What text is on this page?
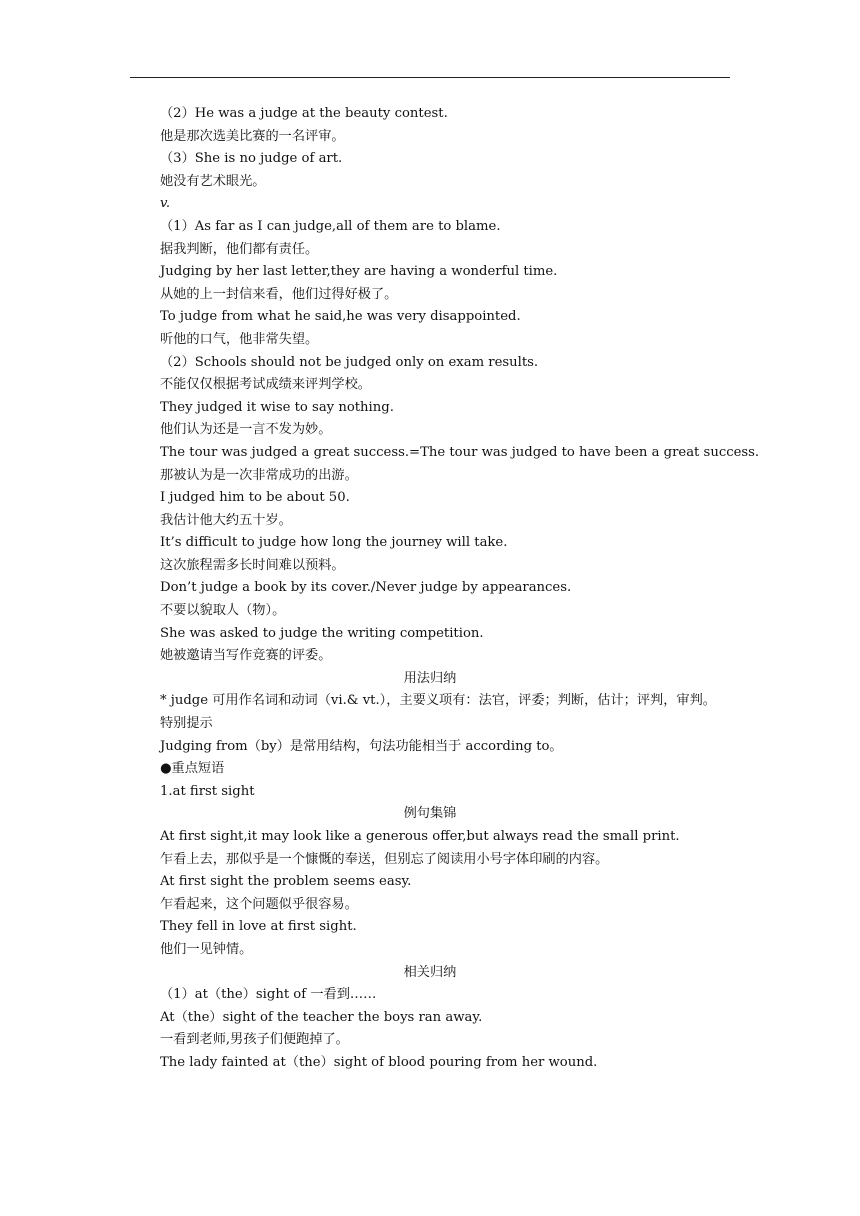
（2）He was a judge at the beauty contest.
他是那次选美比赛的一名评审。
（3）She is no judge of art.
她没有艺术眼光。
v.
（1）As far as I can judge,all of them are to blame.
据我判断，他们都有责任。
Judging by her last letter,they are having a wonderful time.
从她的上一封信来看，他们过得好极了。
To judge from what he said,he was very disappointed.
听他的口气，他非常失望。
（2）Schools should not be judged only on exam results.
不能仅仅根据考试成绩来评判学校。
They judged it wise to say nothing.
他们认为还是一言不发为妙。
The tour was judged a great success.=The tour was judged to have been a great success.
那被认为是一次非常成功的出游。
I judged him to be about 50.
我估计他大约五十岁。
It’s difficult to judge how long the journey will take.
这次旅程需多长时间难以预料。
Don’t judge a book by its cover./Never judge by appearances.
不要以貌取人（物）。
She was asked to judge the writing competition.
她被邀请当写作竞赛的评委。
用法归纳
* judge 可用作名词和动词（vi.& vt.），主要义项有：法官，评委；判断，估计；评判，审判。
特别提示
Judging from（by）是常用结构，句法功能相当于 according to。
●重点短语
1.at first sight
例句集锦
At first sight,it may look like a generous offer,but always read the small print.
乍看上去，那似乎是一个慷慨的奉送，但别忘了阅读用小号字体印刷的内容。
At first sight the problem seems easy.
乍看起来，这个问题似乎很容易。
They fell in love at first sight.
他们一见钟情。
相关归纳
（1）at（the）sight of 一看到……
At（the）sight of the teacher the boys ran away.
一看到老师,男孩子们便跑掉了。
The lady fainted at（the）sight of blood pouring from her wound.
